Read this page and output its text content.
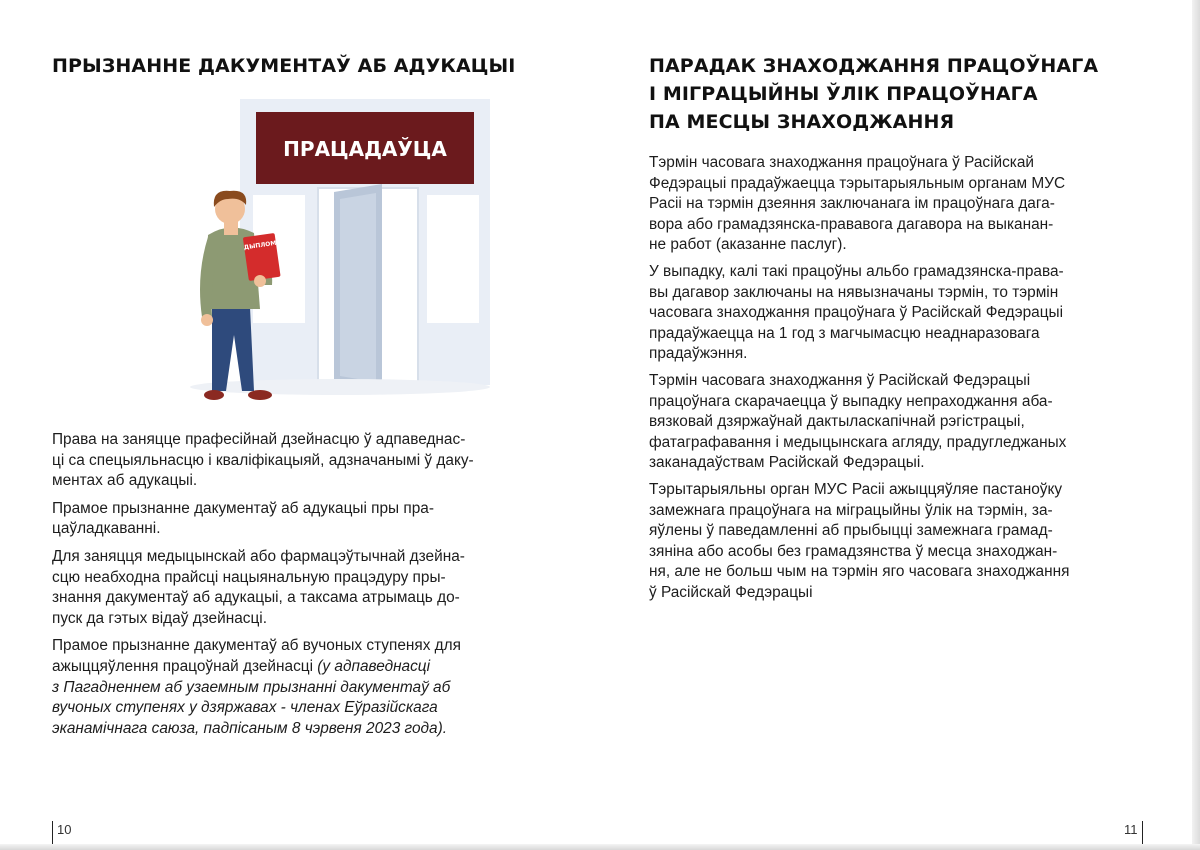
ПРЫЗНАННЕ ДАКУМЕНТАЎ АБ АДУКАЦЫІ
ПРАЦАДАЎЦА
ДЫПЛОМ

Права на заняцце прафесійнай дзейнасцю ў адпаведнас-
ці са спецыяльнасцю і кваліфікацыяй, адзначанымі ў даку-
ментах аб адукацыі.

Прамое прызнанне дакументаў аб адукацыі пры пра-
цаўладкаванні.

Для заняцця медыцынскай або фармацэўтычнай дзейна-
сцю неабходна прайсці нацыянальную працэдуру пры-
знання дакументаў аб адукацыі, а таксама атрымаць до-
пуск да гэтых відаў дзейнасці.

Прамое прызнанне дакументаў аб вучоных ступенях для
ажыццяўлення працоўнай дзейнасці (у адпаведнасці
з Пагадненнем аб узаемным прызнанні дакументаў аб
вучоных ступенях у дзяржавах - членах Еўразійскага
эканамічнага саюза, падпісаным 8 чэрвеня 2023 года).

10
ПАРАДАК ЗНАХОДЖАННЯ ПРАЦОЎНАГА
І МІГРАЦЫЙНЫ ЎЛІК ПРАЦОЎНАГА
ПА МЕСЦЫ ЗНАХОДЖАННЯ

Тэрмін часовага знаходжання працоўнага ў Расійскай
Федэрацыі прадаўжаецца тэрытарыяльным органам МУС
Расіі на тэрмін дзеяння заключанага ім працоўнага дага-
вора або грамадзянска-прававога дагавора на выканан-
не работ (аказанне паслуг).

У выпадку, калі такі працоўны альбо грамадзянска-права-
вы дагавор заключаны на нявызначаны тэрмін, то тэрмін
часовага знаходжання працоўнага ў Расійскай Федэрацыі
прадаўжаецца на 1 год з магчымасцю неаднаразовага
прадаўжэння.

Тэрмін часовага знаходжання ў Расійскай Федэрацыі
працоўнага скарачаецца ў выпадку непраходжання аба-
вязковай дзяржаўнай дактыласкапічнай рэгістрацыі,
фатаграфавання і медыцынскага агляду, прадугледжаных
заканадаўствам Расійскай Федэрацыі.

Тэрытарыяльны орган МУС Расіі ажыццяўляе пастаноўку
замежнага працоўнага на міграцыйны ўлік на тэрмін, за-
яўлены ў паведамленні аб прыбыцці замежнага грамад-
зяніна або асобы без грамадзянства ў месца знаходжан-
ня, але не больш чым на тэрмін яго часовага знаходжання
ў Расійскай Федэрацыі

11
